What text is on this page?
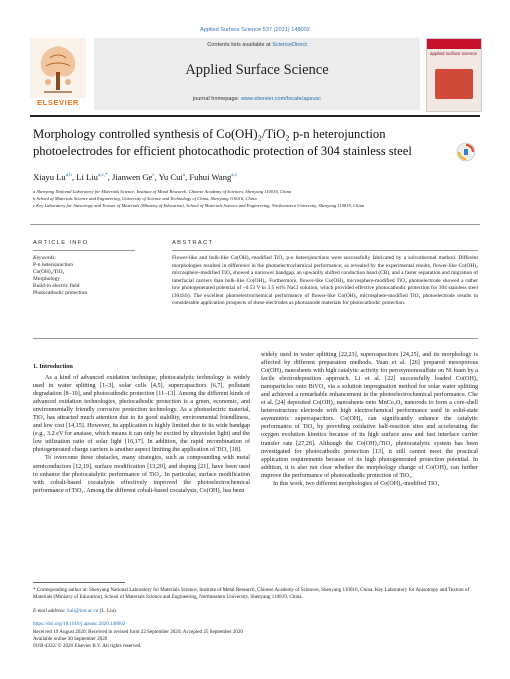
Applied Surface Science 537 (2021) 148002
ELSEVIER
Contents lists available at ScienceDirect
Applied Surface Science
journal homepage: www.elsevier.com/locate/apsusc
applied surface science
Morphology controlled synthesis of Co(OH)₂/TiO₂ p-n heterojunction
photoelectrodes for efficient photocathodic protection of 304 stainless steel
Xiayu Lu$^{a,b}$, Li Liu$^{a,c,*}$, Jianwen Ge$^c$, Yu Cui$^a$, Fuhui Wang$^{a,c}$
a Shenyang National Laboratory for Materials Science, Institute of Metal Research, Chinese Academy of Sciences, Shenyang 110016, China
b School of Materials Science and Engineering, University of Science and Technology of China, Shenyang 110016, China
c Key Laboratory for Anisotropy and Texture of Materials (Ministry of Education), School of Materials Science and Engineering, Northeastern University, Shenyang 110819, China
ARTICLE INFO
Keywords:
P-n heterojunction
Co(OH)₂/TiO₂
Morphology
Build-in electric field
Photocathodic protection
ABSTRACT
Flower-like and bulk-like Co(OH)₂-modified TiO₂ p-n heterojunctions were successfully fabricated by a solvothermal method. Different morphologies resulted in difference in the photoelectrochemical performance; as revealed by the experimental results, flower-like Co(OH)₂ microsphere-modified TiO₂ showed a narrower bandgap, an upwardly shifted conduction band (CB), and a faster separation and migration of interfacial carriers than bulk-like Co(OH)₂. Furthermore, flower-like Co(OH)₂ microsphere-modified TiO₂ photoelectrode showed a rather low photogenerated potential of −0.53 V in 3.5 wt% NaCl solution, which provided effective photocathodic protection for 304 stainless steel (304SS). The excellent photoelectrochemical performance of flower-like Co(OH)₂ microsphere-modified TiO₂ photoelectrode results in considerable application prospects of these electrodes as photoanode materials for photocathodic protection.
1. Introduction

As a kind of advanced oxidation technique, photocatalytic technology is widely used in water splitting [1–3], solar cells [4,5], supercapacitors [6,7], pollutant degradation [8–10], and photocathodic protection [11–13]. Among the different kinds of advanced oxidation technologies, photocathodic protection is a green, economic, and environmentally friendly corrosive protection technology. As a photoelectric material, TiO₂ has attracted much attention due to its good stability, environmental friendliness, and low cost [14,15]. However, its application is highly limited due to its wide bandgap (e.g., 3.2 eV for anatase, which means it can only be excited by ultraviolet light) and the low utilization ratio of solar light [16,17]. In addition, the rapid recombination of photogenerated charge carriers is another aspect limiting the application of TiO₂ [18].

To overcome these obstacles, many strategies, such as compounding with metal semiconductors [12,19], surface modification [13,20], and doping [21], have been used to enhance the photocatalytic performance of TiO₂. In particular, surface modification with cobalt-based cocatalysts effectively improved the photoelectrochemical performance of TiO₂. Among the different cobalt-based cocatalysts, Co(OH)₂ has been

widely used in water splitting [22,23], supercapacitors [24,25], and its morphology is affected by different preparation methods. Yuan et al. [26] prepared mesoporous Co(OH)₂ nanosheets with high catalytic activity for peroxymonosulfate on Ni foam by a facile electrodeposition approach. Li et al. [22] successfully loaded Co(OH)₂ nanoparticles onto BiVO₄ via a solution impregnation method for solar water splitting and achieved a remarkable enhancement in the photoelectrochemical performance. Che et al. [24] deposited Co(OH)₂ nanosheets onto MnCo₂O₄ nanorods to form a core-shell heterostructure electrode with high electrochemical performance used in solid-state asymmetric supercapacitors. Co(OH)₂ can significantly enhance the catalytic performance of TiO₂ by providing oxidative half-reaction sites and accelerating the oxygen evolution kinetics because of its high surface area and fast interface carrier transfer rate [27,28]. Although the Co(OH)₂/TiO₂ photocatalytic system has been investigated for photocathodic protection [13], it still cannot meet the practical application requirements because of its high photogenerated protection potential. In addition, it is also not clear whether the morphology change of Co(OH)₂ can further improve the performance of photocathodic protection of TiO₂.

In this work, two different morphologies of Co(OH)₂-modified TiO₂

* Corresponding author at: Shenyang National Laboratory for Materials Science, Institute of Metal Research, Chinese Academy of Sciences, Shenyang 110016, China. Key Laboratory for Anisotropy and Texture of Materials (Ministry of Education), School of Materials Science and Engineering, Northeastern University, Shenyang 110819, China.
E-mail address: liuli@imr.ac.cn (L. Liu).
https://doi.org/10.1016/j.apsusc.2020.148002
Received 19 August 2020; Received in revised form 22 September 2020; Accepted 25 September 2020
Available online 30 September 2020
0169-4332/ © 2020 Elsevier B.V. All rights reserved.
